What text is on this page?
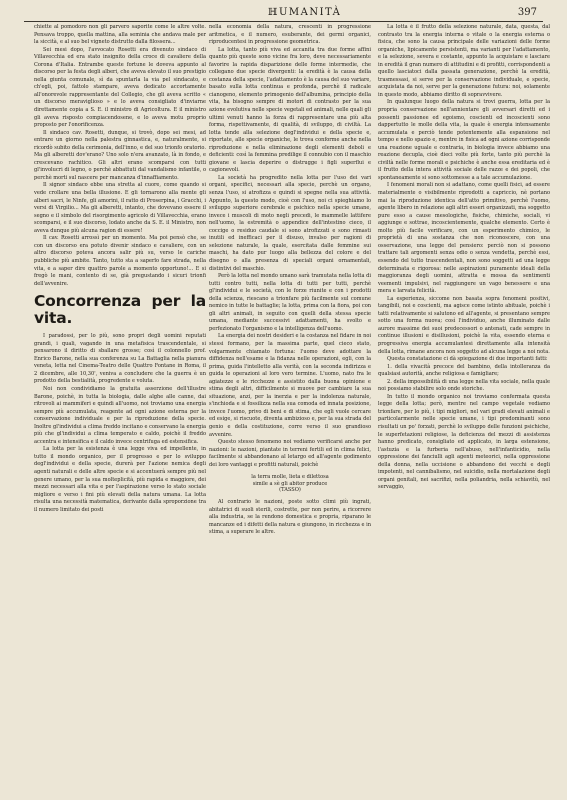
ℍUMANITÀ	397

chiette al pomodoro non gli parvero saporite come le altre volte. Pensava troppo, quella mattina, alla seminia che andava male per la siccità, e al suo bel vigneto distrutto dalla filossera...

Sei mesi dopo, l'avvocato Rosetti era divenuto sindaco di Villavecchia ed era stato insignito della croce di cavaliere della Corona d'Italia. Entrambe queste fortune le doveva appunto al discorso per la festa degli alberi, che aveva elevato il suo prestigio nella giunta comunale, sì da spuntarla la via pel sindacato, e ch'egli, poi, fattolo stampare, aveva dedicato accortamente all'onorevole rappresentante del Collegio, che gli aveva scritto « un discorso meraviglioso » e lo aveva consigliato d'inviarne direttamente copia a S. E. il ministro di Agricoltura. E il ministro gli aveva risposto compiacendosene, e lo aveva motu proprio proposto per l'onorificenza.

Il sindaco cav. Rosetti, dunque, si trovò, dopo sei mesi, ad entrare un giorno nella palestra ginnastica, e, naturalmente, si ricordò subito della cerimonia, dell'inno, e del suo trionfo oratorio. Ma gli alberetti dov'erano? Uno solo n'era avanzato, là in fondo, e crescevano rachitico. Gli altri erano scomparsi con tutti gl'involucri di legno, o perchè abbattuti dal vandalismo infantile, o perchè morti sul nascere per mancanza d'innaffiamento.

Il signor sindaco ebbe una stretta al cuore, come quando si vede crollare una bella illusione. E gli tornarono alla mente gli alberi sacri, le Ninfe, gli amorini, il ratto di Proserpina, i Gracchi, i versi di Virgilio... Ma gli alberetti, intanto, che dovevano essere il segno e il simbolo del risorgimento agricolo di Villavecchia, erano scomparsi, e il suo discorso, lodato anche da S. E. il Ministro, non aveva dunque più alcuna ragion di essere!

Il cav. Rosetti arrossì per un momento. Ma poi pensò che, se con un discorso era potuto divenir sindaco e cavaliere, con un altro discorso poteva ancora salir più su, verso le cariche pubbliche più ambite. Tanto, tutto sta a saperlo fare strada, nella vita, e a saper dire quattro parole a momento opportuno!... E si fregò le mani, contento di se, già pregustando i sicuri trionfi dell'avvenire.

Concorrenza per la vita.

I paradossi, per lo più, sono propri degli uomini reputati grandi, i quali, vagando in una metafisica trascendentale, si pensarono il diritto di sballare grosse; così il colonnello prof. Enrico Barone, nella sua conferenza su La Battaglia nella pianura veneta, letta nel Cinema-Teatro delle Quattro Fontane in Roma, il 2 dicembre, alle 10,30', veniva a concludere che la guerra è un prodotto della bestialità, progredente e voluta.

Noi non condividiamo la gratuita asserzione dell'illustre Barone, poichè, in tutta la biologia, dalle alghe alle canne, dai ritrovoli ai mammiferi e quindi all'uomo, noi troviamo una energia sempre più accumulata, reagente ad ogni azione esterna per la conservazione individuale e per la riproduzione della specie. Inoltre gl'individui a clima freddo incitano e conservano la energia più che gl'individui a clima temperato e caldo, poichè il freddo accentra e intensifica e il caldo invece centrifuga ed estensifica.

La lotta per la esistenza è una legge viva ed impellente, in tutto il mondo organico, per il progresso e per lo sviluppo degl'individui e della specie, durerà per l'azione nemica degli agenti naturali e delle altre specie e si accentuerà sempre più nel genere umano, per la sua molteplicità, più rapida e maggiore, dei mezzi necessari alla vita e per l'aspirazione verso lo stato sociale migliore e verso i fini più elevati della natura umana. La lotta risulta una necessità matematica, derivante dalla sproporzione tra il numero limitato dei posti

nella economia della natura, crescenti in progressione aritmetica, e il numero, esuberante, dei germi organici, riproducentesi in progressione geometrica.

La lotta, tanto più viva ed accanita tra due forme affini quanto più queste sono vicine fra loro, deve necessariamente favorire la rapida disparizione delle forme intermedie, che collegano due specie divergenti: la eredità è la causa della costanza della specie, l'adattamento è la causa del suo variare, basato sulla lotta continua e profonda, perchè il radicale cianogeno, elemento primogenio dell'albumina, principio della vita, ha bisogno sempre di motori di contrasto per la sua azione evolutiva nelle specie vegetali ed animali, nelle quali gli ultimi venuti hanno la forza di rappresentare una più alta forma, rispettivamente, di qualità, di sviluppo, di civiltà. La lotta tende alla selezione degl'individui e della specie e, riportate, alle specie organiche, le trova conforme anche nella riproduzione e nella eliminazione degli elementi deboli e deficienti: così la femmina predilige il connubio con il maschio giovane e lascia deperire o distrugge i figli superflui e cagionevoli.

La società ha progredito nella lotta per l'uso dei vari organi, specifici, necessari alla specie, perchè un organo, senza l'uso, si atrofizza e quindi si spegne nella sua attività. Appunto, la questo modo, cioè con l'uso, noi ci spieghiamo lo sviluppo superiore cerebrale e psichico nella specie umane, invece i muscoli di moto negli precedi, le mammelle lattifere nell'uomo, la estremità o appendice dell'intestino cieco, il coccige o residuo caudale si sono atrofizzati e sono rimasti inutili ed inefficaci per il disuso, invalso per ragioni di selezione naturale, la quale, esercitata dalle femmine sui maschi, ha dato pur luogo alla bellezza del colore e del disegno o alla presenza di speciali organi ornamentali, distintivi del maschio.

Però la lotta nel mondo umano sarà tramutata nella lotta di tutti contro tutti, nella lotta di tutti per tutti, perchè gl'individui e le società, con le forze riunite e con i prodotti della scienza, riescano a trionfare più facilmente sul comune nemico in tutte le battaglie; la lotta, prima con la fiora, poi con gli altri animali, in seguito con quelli della stessa specie umana, mediante successivi adattamenti, ha svolto e perfezionato l'organismo e la intelligenza dell'uomo.

La energia dei nostri desideri e la costanza nel fidare in noi stessi formano, per la massima parte, quel cieco stato, volgarmente chiamato fortuna: l'uomo deve adottare la diffidenza nell'esame e la fidanza nelle operazioni, egli, con la prima, guida l'intelletto alla verità, con la seconda indirizza e guida le operazioni al loro vero termine. L'uomo, nato fra le agiatezze e le ricchezze e assistito dalla buona opinione e stima degli altri, difficilmente si muove per cambiare la sua situazione, anzi, per la inerzia e per la indolenza naturale, s'inchioda e si fossilizza nella sua comoda ed innata posizione, invece l'uomo, privo di beni e di stima, che egli vuole cercare ed esige, si riscuote, diventa ambizioso e, per la sua strada del genio e della costituzione, corre verso il suo grandioso avvenire.

Questo stesso fenomeno noi vediamo verificarsi anche per nazioni: le nazioni, piantate in terreni fertili ed in clima felici, facilmente si abbandonano al letargo ed all'agente godimento dei loro vantaggi e profitti naturali, poichè

la terra molle, lieta e dilettosa
simile a sè gli abitor produce
(TASSO)

Al contrario le nazioni, poste sotto climi più ingrati, abitatrici di suoli sterili, costrette, per non perire, a ricorrere alla industria, se la rendono domestica e propria, riparano le mancanze ed i difetti della natura e giungono, in ricchezza e in stima, a superare le altre.

La lotta è il frutto della selezione naturale, data, questa, dal contrasto tra la energia interna o vitale o la energia esterna o fisica, che sono la causa principale delle variazioni delle forme organiche, lipicamente persistenti, ma varianti per l'adattamento, e la selezione, severa e costante, appunto la acquistare e lasciare in eredità il gran numero di attitudini e di profitti, corrispondenti a quello lasciatoci dalla passata generazione, perchè la eredità, trasmessasi, si serve per la conservazione individuale, e specie, acquistata da noi, serve per la generazione futura: noi, solamente in questo modo, abbiamo diritto di sopravvivere.

In qualunque luogo della natura si trovi guerra, lotta per la propria conservazione nell'annientare gli avversari diretti ed i possenti passionee ed egoismo, coscienti ed incoscienti sono dappertutto le molle della vita, la quale è energia intensamente accumulata e perciò tende potentemente alla espansione nel tempo e nello spazio e, mentre in fisica ad ogni azione corrisponde una reazione uguale e contraria, in biologia invece abbiamo una reazione decupla, cioè dieci volte più forte, tanto più perchè la civiltà nelle forme morali e psichiche è anche essa ereditaria ed è il frutto della intera attività sociale delle razze e dei popoli, che spontaneamente si sono sottomesse a a tale accumulazione.

I fenomeni morali non si adattano, come quelli fisici, ad essere materialmente o visibilmente riprodotti a capriccio, nè portano mai la riproduzione identica dell'atto primitivo, perchè l'uomo, agente libero in relazione agli altri esseri organizzati, ma soggetto pure esso a cause mesologiche, fisiche, chimiche, sociali, vi aggiunge e sottrae, incoscientemente, qualche elemento. Certo è molto più facile verificare, con un esperimento chimico, le proprietà di una sostanza che non riconoscere, con una osservazione, una legge del pensiero: perciò non si possono trattare tali argomenti senza odio o senza vendetta, perchè essi, essendo del tutto trascendentali, non sono soggetti ad una legge determinata e rigorosa: nelle aspirazioni puramente ideali della maggioranza degli uomini, attratta e mossa da sentimenti veementi impulsivi, nel raggiungere un vago benessere e una mera e larvata felicità.

La esperienza, siccome non basata sopra fenomeni positivi, tangibili, noi e coscienti, ma agisce come istinto abituale, poichè i tatti relativamente si salutono ed all'agente, si presentano sempre sotto una forma nuova; così l'individuo, anche illuminato dalle aurore massime dei suoi predecessori o antenati, cade sempre in continue illusioni e disillusioni, poichè la vita, essendo eterna e progressiva energia accumulantesi direttamente alla intensità della lotta, rimane ancora non soggetto ad alcuna legge a noi nota.

Questa constatazione ci dà spiegazione di due importanti fatti:

1. della vivacità precoce del bambino, della intolleranza da qualsiasi autorità, anche religiosa e famigliare;

2. della impossibilità di una legge nella vita sociale, nella quale noi possiamo stabilire solo onde storiche.

In tutto il mondo organico noi troviamo confermata questa legge della lotta; però, mentre nel campo vegetale vediamo trionfare, per lo più, i tipi migliori, nel vari gradi elevati animali e particolarmente nelle specie umane, i tipi predominanti sono risultati un po' forzati, perchè lo sviluppo delle funzioni psichiche, le superfetazioni religiose, la deficienza del mezzi di assistenza hanno predicato, consigliato ed applicato, in larga estensione, l'astuzia e la furberia nell'abuso, nell'infanticidio, nella oppressione dei fanciulli agli agenti meteorici, nella oppressione della donna, nella uccisione o abbandono dei vecchi e degli impotenti, nel cannibalismo, nel suicidio, nella mortalazione degli organi genitali, nei sacrifizi, nella poliandria, nella schiavitù, nel servaggio,
